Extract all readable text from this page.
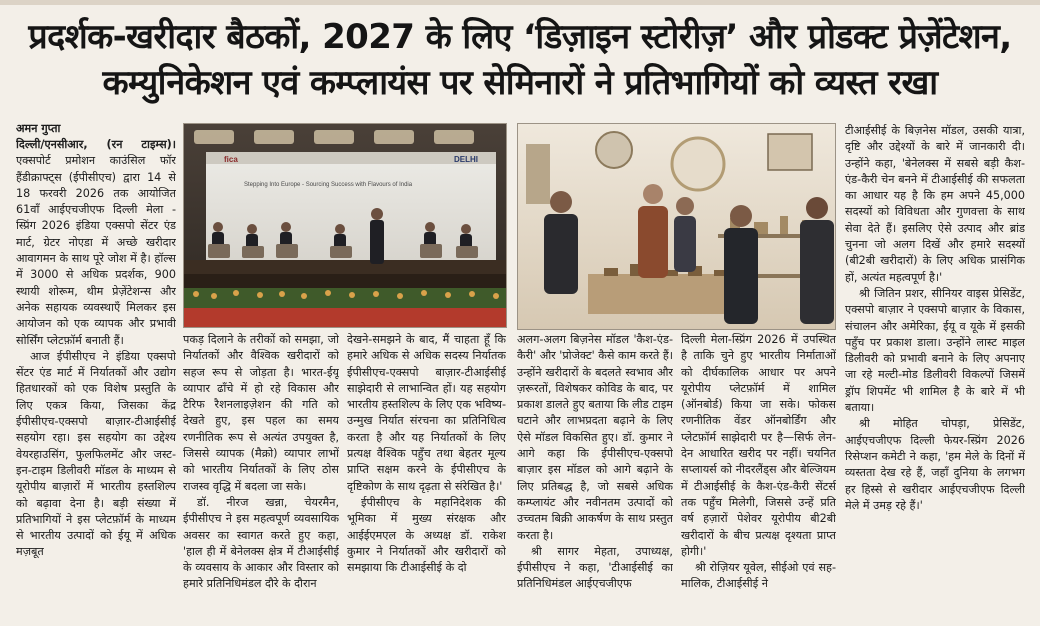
प्रदर्शक-खरीदार बैठकों, 2027 के लिए ‘डिज़ाइन स्टोरीज़’ और प्रोडक्ट प्रेज़ेंटेशन,
कम्युनिकेशन एवं कम्प्लायंस पर सेमिनारों ने प्रतिभागियों को व्यस्त रखा
अमन गुप्ता

दिल्ली/एनसीआर, (रन टाइम्स)। एक्सपोर्ट प्रमोशन काउंसिल फॉर हैंडीक्राफ्ट्स (ईपीसीएच) द्वारा 14 से 18 फरवरी 2026 तक आयोजित 61वाँ आईएचजीएफ दिल्ली मेला - स्प्रिंग 2026 इंडिया एक्सपो सेंटर एंड मार्ट, ग्रेटर नोएडा में अच्छे खरीदार आवागमन के साथ पूरे जोश में है। हॉल्स में 3000 से अधिक प्रदर्शक, 900 स्थायी शोरूम, थीम प्रेज़ेंटेशन्स और अनेक सहायक व्यवस्थाएँ मिलकर इस आयोजन को एक व्यापक और प्रभावी सोर्सिंग प्लेटफ़ॉर्म बनाती हैं।

आज ईपीसीएच ने इंडिया एक्सपो सेंटर एंड मार्ट में निर्यातकों और उद्योग हितधारकों को एक विशेष प्रस्तुति के लिए एकत्र किया, जिसका केंद्र ईपीसीएच-एक्सपो बाज़ार-टीआईसीई सहयोग रहा। इस सहयोग का उद्देश्य वेयरहाउसिंग, फुलफिलमेंट और जस्ट-इन-टाइम डिलीवरी मॉडल के माध्यम से यूरोपीय बाज़ारों में भारतीय हस्तशिल्प को बढ़ावा देना है। बड़ी संख्या में प्रतिभागियों ने इस प्लेटफ़ॉर्म के माध्यम से भारतीय उत्पादों को ईयू में अधिक मज़बूत

fica	DELHI
Stepping Into Europe - Sourcing Success with Flavours of India

पकड़ दिलाने के तरीकों को समझा, जो निर्यातकों और वैश्विक खरीदारों को सहज रूप से जोड़ता है। भारत-ईयू व्यापार ढाँचे में हो रहे विकास और टैरिफ रैशनलाइज़ेशन की गति को देखते हुए, इस पहल का समय रणनीतिक रूप से अत्यंत उपयुक्त है, जिससे व्यापक (मैक्रो) व्यापार लाभों को भारतीय निर्यातकों के लिए ठोस राजस्व वृद्धि में बदला जा सके।

डॉ. नीरज खन्ना, चेयरमैन, ईपीसीएच ने इस महत्वपूर्ण व्यवसायिक अवसर का स्वागत करते हुए कहा, 'हाल ही में बेनेलक्स क्षेत्र में टीआईसीई के व्यवसाय के आकार और विस्तार को हमारे प्रतिनिधिमंडल दौरे के दौरान

देखने-समझने के बाद, मैं चाहता हूँ कि हमारे अधिक से अधिक सदस्य निर्यातक ईपीसीएच-एक्सपो बाज़ार-टीआईसीई साझेदारी से लाभान्वित हों। यह सहयोग भारतीय हस्तशिल्प के लिए एक भविष्य-उन्मुख निर्यात संरचना का प्रतिनिधित्व करता है और यह निर्यातकों के लिए प्रत्यक्ष वैश्विक पहुँच तथा बेहतर मूल्य प्राप्ति सक्षम करने के ईपीसीएच के दृष्टिकोण के साथ दृढ़ता से संरेखित है।'

ईपीसीएच के महानिदेशक की भूमिका में मुख्य संरक्षक और आईईएमएल के अध्यक्ष डॉ. राकेश कुमार ने निर्यातकों और खरीदारों को समझाया कि टीआईसीई के दो

अलग-अलग बिज़नेस मॉडल 'कैश-एंड-कैरी' और 'प्रोजेक्ट' कैसे काम करते हैं। उन्होंने खरीदारों के बदलते स्वभाव और ज़रूरतों, विशेषकर कोविड के बाद, पर प्रकाश डालते हुए बताया कि लीड टाइम घटाने और लाभप्रदता बढ़ाने के लिए ऐसे मॉडल विकसित हुए। डॉ. कुमार ने आगे कहा कि ईपीसीएच-एक्सपो बाज़ार इस मॉडल को आगे बढ़ाने के लिए प्रतिबद्ध है, जो सबसे अधिक कम्प्लायंट और नवीनतम उत्पादों को उच्चतम बिक्री आकर्षण के साथ प्रस्तुत करता है।

श्री सागर मेहता, उपाध्यक्ष, ईपीसीएच ने कहा, 'टीआईसीई का प्रतिनिधिमंडल आईएचजीएफ

दिल्ली मेला-स्प्रिंग 2026 में उपस्थित है ताकि चुने हुए भारतीय निर्माताओं को दीर्घकालिक आधार पर अपने यूरोपीय प्लेटफ़ॉर्म में शामिल (ऑनबोर्ड) किया जा सके। फोकस रणनीतिक वेंडर ऑनबोर्डिंग और प्लेटफ़ॉर्म साझेदारी पर है—सिर्फ लेन-देन आधारित खरीद पर नहीं। चयनित सप्लायर्स को नीदरलैंड्स और बेल्जियम में टीआईसीई के कैश-एंड-कैरी सेंटर्स तक पहुँच मिलेगी, जिससे उन्हें प्रति वर्ष हज़ारों पेशेवर यूरोपीय बी2बी खरीदारों के बीच प्रत्यक्ष दृश्यता प्राप्त होगी।'

श्री रोज़ियर यूवेल, सीईओ एवं सह-मालिक, टीआईसीई ने

टीआईसीई के बिज़नेस मॉडल, उसकी यात्रा, दृष्टि और उद्देश्यों के बारे में जानकारी दी। उन्होंने कहा, 'बेनेलक्स में सबसे बड़ी कैश-एंड-कैरी चेन बनने में टीआईसीई की सफलता का आधार यह है कि हम अपने 45,000 सदस्यों को विविधता और गुणवत्ता के साथ सेवा देते हैं। इसलिए ऐसे उत्पाद और ब्रांड चुनना जो अलग दिखें और हमारे सदस्यों (बी2बी खरीदारों) के लिए अधिक प्रासंगिक हों, अत्यंत महत्वपूर्ण है।'

श्री जितिन प्रशर, सीनियर वाइस प्रेसिडेंट, एक्सपो बाज़ार ने एक्सपो बाज़ार के विकास, संचालन और अमेरिका, ईयू व यूके में इसकी पहुँच पर प्रकाश डाला। उन्होंने लास्ट माइल डिलीवरी को प्रभावी बनाने के लिए अपनाए जा रहे मल्टी-मोड डिलीवरी विकल्पों जिसमें ड्रॉप शिपमेंट भी शामिल है के बारे में भी बताया।

श्री मोहित चोपड़ा, प्रेसिडेंट, आईएचजीएफ दिल्ली फेयर-स्प्रिंग 2026 रिसेप्शन कमेटी ने कहा, 'हम मेले के दिनों में व्यस्तता देख रहे हैं, जहाँ दुनिया के लगभग हर हिस्से से खरीदार आईएचजीएफ दिल्ली मेले में उमड़ रहे हैं।'
